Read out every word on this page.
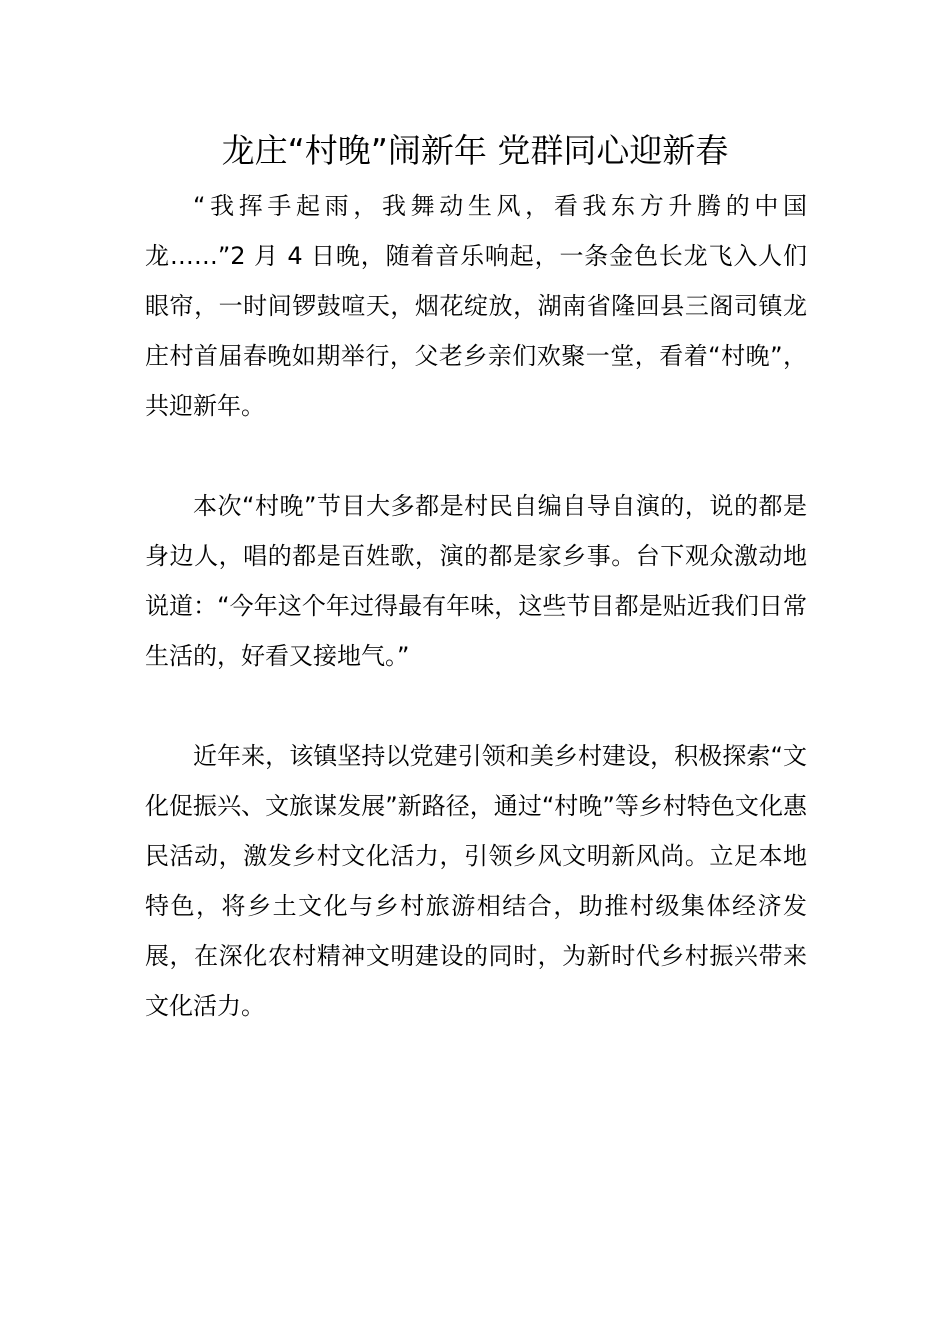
龙庄“村晚”闹新年 党群同心迎新春

“我挥手起雨，我舞动生风，看我东方升腾的中国龙……”2 月 4 日晚，随着音乐响起，一条金色长龙飞入人们眼帘，一时间锣鼓喧天，烟花绽放，湖南省隆回县三阁司镇龙庄村首届春晚如期举行，父老乡亲们欢聚一堂，看着“村晚”，共迎新年。

本次“村晚”节目大多都是村民自编自导自演的，说的都是身边人，唱的都是百姓歌，演的都是家乡事。台下观众激动地说道：“今年这个年过得最有年味，这些节目都是贴近我们日常生活的，好看又接地气。”

近年来，该镇坚持以党建引领和美乡村建设，积极探索“文化促振兴、文旅谋发展”新路径，通过“村晚”等乡村特色文化惠民活动，激发乡村文化活力，引领乡风文明新风尚。立足本地特色，将乡土文化与乡村旅游相结合，助推村级集体经济发展，在深化农村精神文明建设的同时，为新时代乡村振兴带来文化活力。
